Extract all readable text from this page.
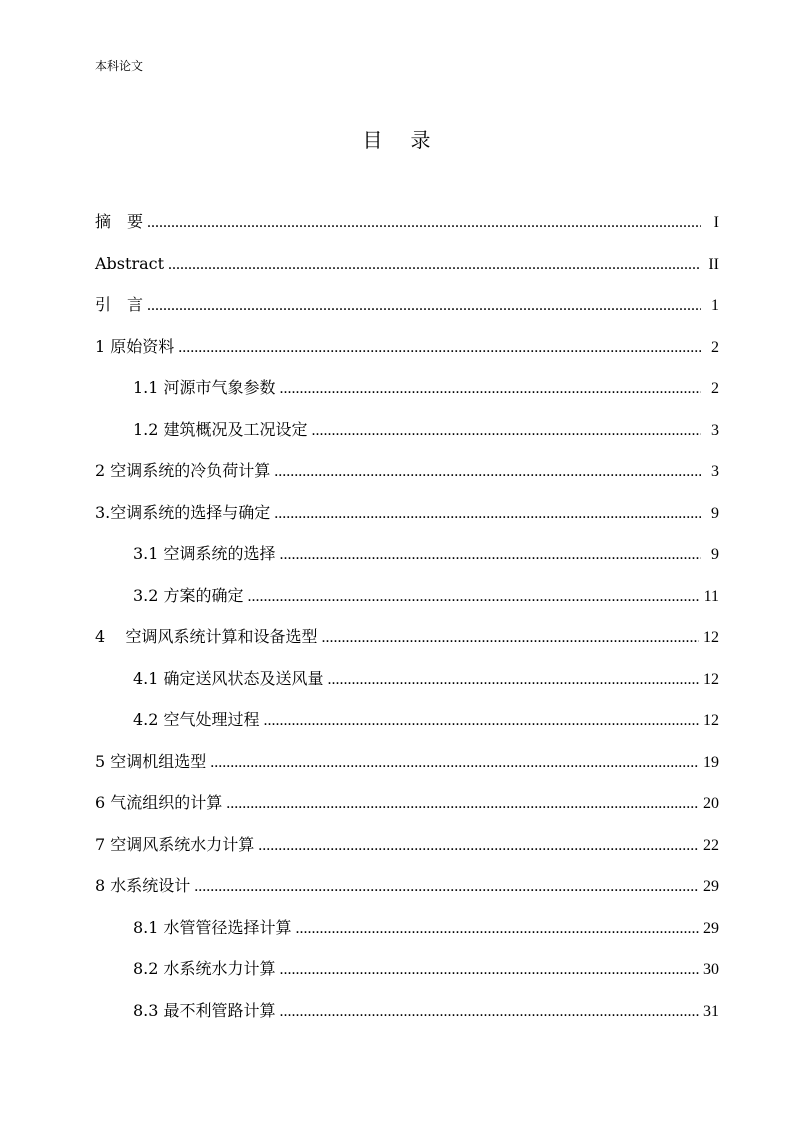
本科论文
目 录
摘　要 .....	I
Abstract .....	II
引　言 .....	1
1 原始资料 .....	2
1.1 河源市气象参数 .....	2
1.2 建筑概况及工况设定 .....	3
2 空调系统的冷负荷计算 .....	3
3.空调系统的选择与确定 .....	9
3.1 空调系统的选择 .....	9
3.2 方案的确定 .....	11
4    空调风系统计算和设备选型 .....	12
4.1 确定送风状态及送风量 .....	12
4.2 空气处理过程 .....	12
5 空调机组选型 .....	19
6 气流组织的计算 .....	20
7 空调风系统水力计算 .....	22
8 水系统设计 .....	29
8.1 水管管径选择计算 .....	29
8.2 水系统水力计算 .....	30
8.3 最不利管路计算 .....	31
